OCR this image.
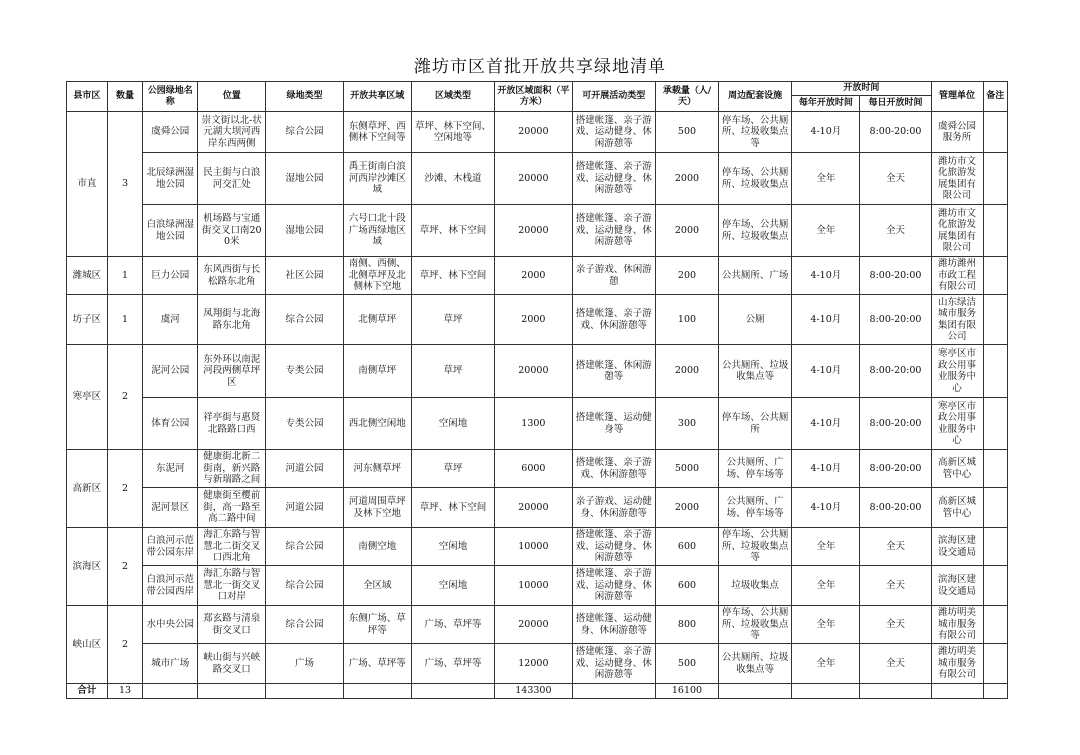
潍坊市区首批开放共享绿地清单
县市区	数量	公园绿地名称	位置	绿地类型	开放共享区域	区域类型	开放区域面积（平方米）	可开展活动类型	承载量（人/天）	周边配套设施	开放时间		管理单位	备注
											每年开放时间	每日开放时间		
市直	3	虞舜公园	崇文街以北-状元湖大坝河西岸东西两侧	综合公园	东侧草坪、西侧林下空间等	草坪、林下空间、空闲地等	20000	搭建帐篷、亲子游戏、运动健身、休闲游憩等	500	停车场、公共厕所、垃圾收集点等	4-10月	8:00-20:00	虞舜公园服务所	
		北辰绿洲湿地公园	民主街与白浪河交汇处	湿地公园	禹王街南白浪河西岸沙滩区域	沙滩、木栈道	20000	搭建帐篷、亲子游戏、运动健身、休闲游憩等	2000	停车场、公共厕所、垃圾收集点	全年	全天	潍坊市文化旅游发展集团有限公司	
		白浪绿洲湿地公园	机场路与宝通街交叉口南200米	湿地公园	六号口北十段广场西绿地区域	草坪、林下空间	20000	搭建帐篷、亲子游戏、运动健身、休闲游憩等	2000	停车场、公共厕所、垃圾收集点	全年	全天	潍坊市文化旅游发展集团有限公司	
潍城区	1	巨力公园	东风西街与长松路东北角	社区公园	南侧、西侧、北侧草坪及北侧林下空地	草坪、林下空间	2000	亲子游戏、休闲游憩	200	公共厕所、广场	4-10月	8:00-20:00	潍坊潍州市政工程有限公司	
坊子区	1	虞河	凤翔街与北海路东北角	综合公园	北侧草坪	草坪	2000	搭建帐篷、亲子游戏、休闲游憩等	100	公厕	4-10月	8:00-20:00	山东绿洁城市服务集团有限公司	
寒亭区	2	泥河公园	东外环以南泥河段两侧草坪区	专类公园	南侧草坪	草坪	20000	搭建帐篷、休闲游憩等	2000	公共厕所、垃圾收集点等	4-10月	8:00-20:00	寒亭区市政公用事业服务中心	
		体育公园	祥亭街与惠贤北路路口西	专类公园	西北侧空闲地	空闲地	1300	搭建帐篷、运动健身等	300	停车场、公共厕所	4-10月	8:00-20:00	寒亭区市政公用事业服务中心	
高新区	2	东泥河	健康街北新二街南，新兴路与新瑞路之间	河道公园	河东侧草坪	草坪	6000	搭建帐篷、亲子游戏、休闲游憩等	5000	公共厕所、广场、停车场等	4-10月	8:00-20:00	高新区城管中心	
		泥河景区	健康街至樱前街，高一路至高二路中间	河道公园	河道周围草坪及林下空地	草坪、林下空间	20000	亲子游戏、运动健身、休闲游憩等	2000	公共厕所、广场、停车场等	4-10月	8:00-20:00	高新区城管中心	
滨海区	2	白浪河示范带公园东岸	海汇东路与智慧北二街交叉口西北角	综合公园	南侧空地	空闲地	10000	搭建帐篷、亲子游戏、运动健身、休闲游憩等	600	停车场、公共厕所、垃圾收集点等	全年	全天	滨海区建设交通局	
		白浪河示范带公园西岸	海汇东路与智慧北一街交叉口对岸	综合公园	全区域	空闲地	10000	搭建帐篷、亲子游戏、运动健身、休闲游憩等	600	垃圾收集点	全年	全天	滨海区建设交通局	
峡山区	2	水中央公园	郑玄路与清泉街交叉口	综合公园	东侧广场、草坪等	广场、草坪等	20000	搭建帐篷、运动健身、休闲游憩等	800	停车场、公共厕所、垃圾收集点等	全年	全天	潍坊明美城市服务有限公司	
		城市广场	峡山街与兴峡路交叉口	广场	广场、草坪等	广场、草坪等	12000	搭建帐篷、亲子游戏、运动健身、休闲游憩等	500	公共厕所、垃圾收集点等	全年	全天	潍坊明美城市服务有限公司	
合计	13						143300		16100					
